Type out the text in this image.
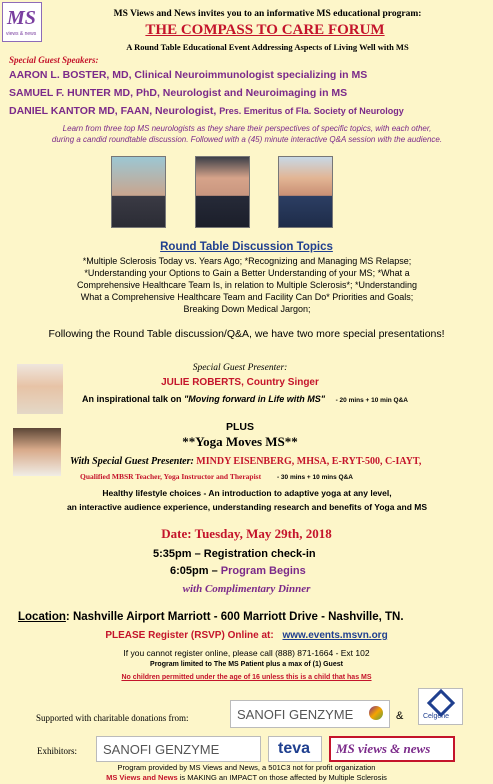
MS
views & news
MS Views and News invites you to an informative MS educational program:
THE COMPASS TO CARE FORUM
A Round Table Educational Event Addressing Aspects of Living Well with MS
Special Guest Speakers:
AARON L. BOSTER, MD, Clinical Neuroimmunologist specializing in MS
SAMUEL F. HUNTER MD, PhD, Neurologist and Neuroimaging in MS
DANIEL KANTOR MD, FAAN, Neurologist, Pres. Emeritus of Fla. Society of Neurology
Learn from three top MS neurologists as they share their perspectives of specific topics, with each other,
during a candid roundtable discussion. Followed with a (45) minute interactive Q&A session with the audience.
Round Table Discussion Topics
*Multiple Sclerosis Today vs. Years Ago; *Recognizing and Managing MS Relapse;
*Understanding your Options to Gain a Better Understanding of your MS; *What a
Comprehensive Healthcare Team Is, in relation to Multiple Sclerosis*; *Understanding
What a Comprehensive Healthcare Team and Facility Can Do* Priorities and Goals;
Breaking Down Medical Jargon;
Following the Round Table discussion/Q&A, we have two more special presentations!
Special Guest Presenter:
JULIE ROBERTS, Country Singer
An inspirational talk on "Moving forward in Life with MS" - 20 mins + 10 min Q&A
PLUS
**Yoga Moves MS**
With Special Guest Presenter: MINDY EISENBERG, MHSA, E-RYT-500, C-IAYT,
Qualified MBSR Teacher, Yoga Instructor and Therapist - 30 mins + 10 mins Q&A
Healthy lifestyle choices - An introduction to adaptive yoga at any level,
an interactive audience experience, understanding research and benefits of Yoga and MS
Date: Tuesday, May 29th, 2018
5:35pm – Registration check-in
6:05pm – Program Begins
with Complimentary Dinner
Location: Nashville Airport Marriott - 600 Marriott Drive - Nashville, TN.
PLEASE Register (RSVP) Online at: www.events.msvn.org
If you cannot register online, please call (888) 871-1664 - Ext 102
Program limited to The MS Patient plus a max of (1) Guest
No children permitted under the age of 16 unless this is a child that has MS
Supported with charitable donations from:	SANOFI GENZYME	&	Celgene
Exhibitors: SANOFI GENZYME	teva MS views & news
Program provided by MS Views and News, a 501C3 not for profit organization
MS Views and News is MAKING an IMPACT on those affected by Multiple Sclerosis
